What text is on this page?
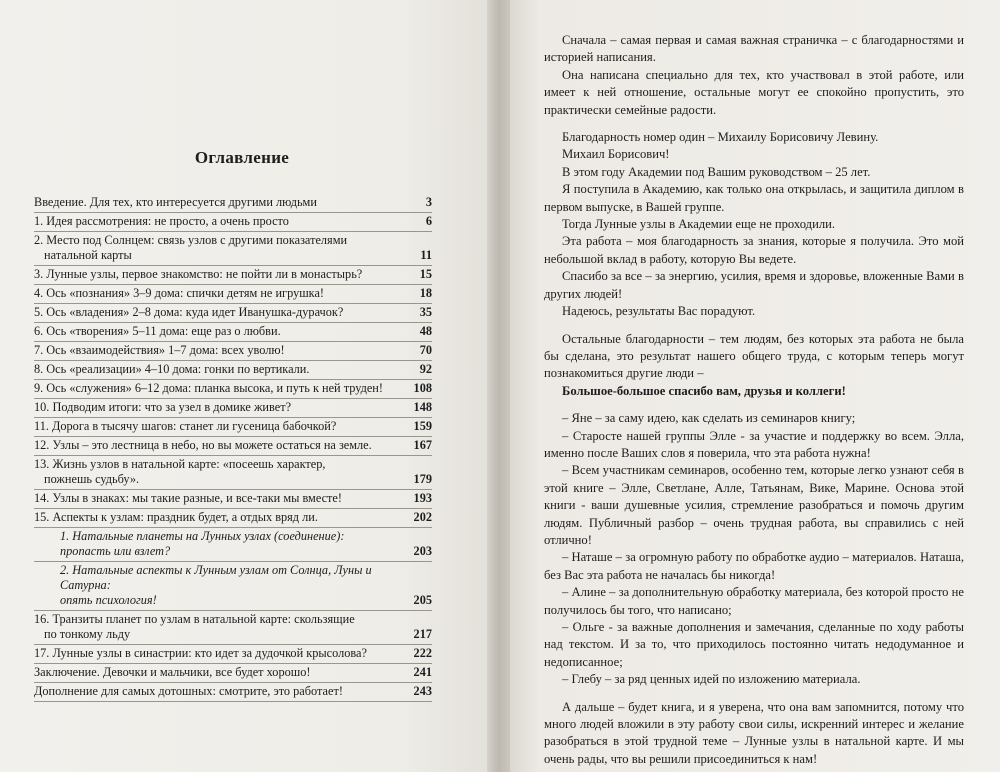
Оглавление
Введение. Для тех, кто интересуется другими людьми	3
1. Идея рассмотрения: не просто, а очень просто	6
2. Место под Солнцем: связь узлов с другими показателями
натальной карты	11
3. Лунные узлы, первое знакомство: не пойти ли в монастырь?	15
4. Ось «познания» 3–9 дома: спички детям не игрушка!	18
5. Ось «владения» 2–8 дома: куда идет Иванушка-дурачок?	35
6. Ось «творения» 5–11 дома: еще раз о любви.	48
7. Ось «взаимодействия» 1–7 дома: всех уволю!	70
8. Ось «реализации» 4–10 дома: гонки по вертикали.	92
9. Ось «служения» 6–12 дома: планка высока, и путь к ней труден!	108
10. Подводим итоги: что за узел в домике живет?	148
11. Дорога в тысячу шагов: станет ли гусеница бабочкой?	159
12. Узлы – это лестница в небо, но вы можете остаться на земле.	167
13. Жизнь узлов в натальной карте: «посеешь характер,
пожнешь судьбу».	179
14. Узлы в знаках: мы такие разные, и все-таки мы вместе!	193
15. Аспекты к узлам: праздник будет, а отдых вряд ли.	202
1. Натальные планеты на Лунных узлах (соединение):
пропасть или взлет?	203
2. Натальные аспекты к Лунным узлам от Солнца, Луны и Сатурна:
опять психология!	205
16. Транзиты планет по узлам в натальной карте: скользящие
по тонкому льду	217
17. Лунные узлы в синастрии: кто идет за дудочкой крысолова?	222
Заключение. Девочки и мальчики, все будет хорошо!	241
Дополнение для самых дотошных: смотрите, это работает!	243

Сначала – самая первая и самая важная страничка – с благодарностями и историей написания.

Она написана специально для тех, кто участвовал в этой работе, или имеет к ней отношение, остальные могут ее спокойно пропустить, это практически семейные радости.

Благодарность номер один – Михаилу Борисовичу Левину.

Михаил Борисович!

В этом году Академии под Вашим руководством – 25 лет.

Я поступила в Академию, как только она открылась, и защитила диплом в первом выпуске, в Вашей группе.

Тогда Лунные узлы в Академии еще не проходили.

Эта работа – моя благодарность за знания, которые я получила. Это мой небольшой вклад в работу, которую Вы ведете.

Спасибо за все – за энергию, усилия, время и здоровье, вложенные Вами в других людей!

Надеюсь, результаты Вас порадуют.

Остальные благодарности – тем людям, без которых эта работа не была бы сделана, это результат нашего общего труда, с которым теперь могут познакомиться другие люди –

Большое-большое спасибо вам, друзья и коллеги!

– Яне – за саму идею, как сделать из семинаров книгу;

– Старосте нашей группы Элле - за участие и поддержку во всем. Элла, именно после Ваших слов я поверила, что эта работа нужна!

– Всем участникам семинаров, особенно тем, которые легко узнают себя в этой книге – Элле, Светлане, Алле, Татьянам, Вике, Марине. Основа этой книги - ваши душевные усилия, стремление разобраться и помочь другим людям. Публичный разбор – очень трудная работа, вы справились с ней отлично!

– Наташе – за огромную работу по обработке аудио – материалов. Наташа, без Вас эта работа не началась бы никогда!

– Алине – за дополнительную обработку материала, без которой просто не получилось бы того, что написано;

– Ольге - за важные дополнения и замечания, сделанные по ходу работы над текстом. И за то, что приходилось постоянно читать недодуманное и недописанное;

– Глебу – за ряд ценных идей по изложению материала.

А дальше – будет книга, и я уверена, что она вам запомнится, потому что много людей вложили в эту работу свои силы, искренний интерес и желание разобраться в этой трудной теме – Лунные узлы в натальной карте. И мы очень рады, что вы решили присоединиться к нам!
